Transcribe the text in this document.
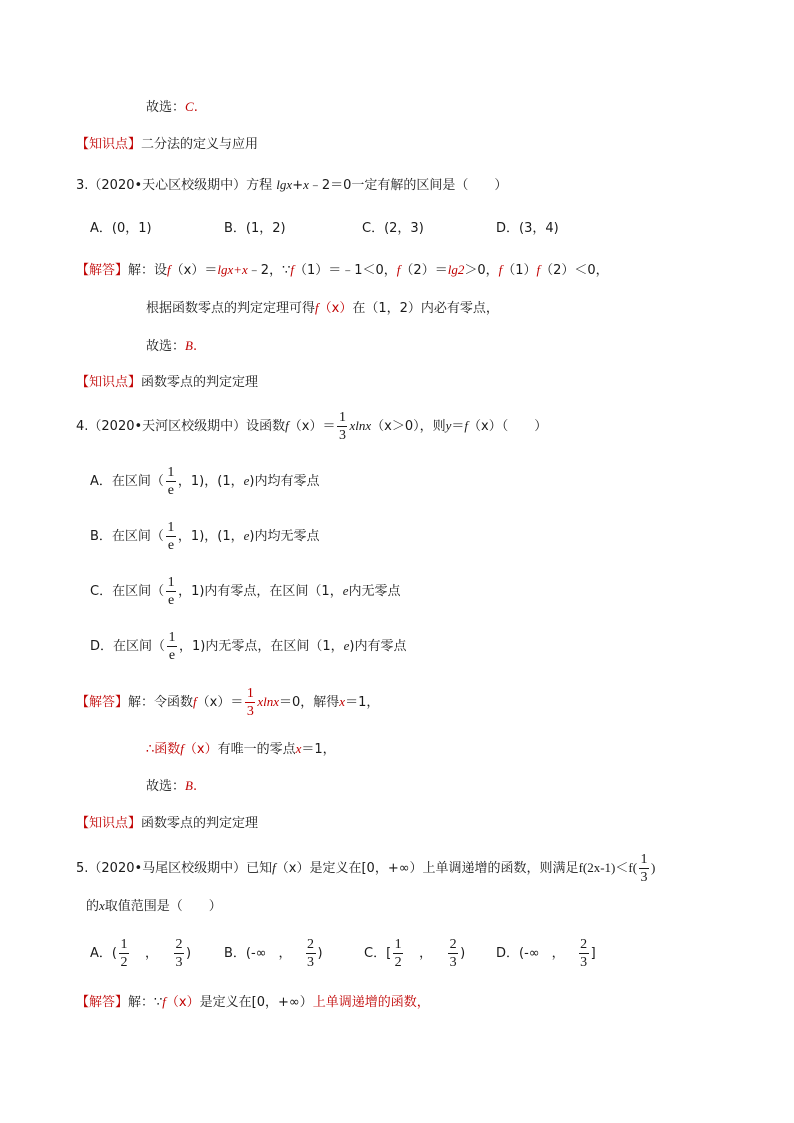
故选：C.
【知识点】二分法的定义与应用
3.（2020•天心区校级期中）方程 lgx+x﹣2＝0一定有解的区间是（　　）
A．(0，1)	B．(1，2)	C．(2，3)	D．(3，4)
【解答】解：设f（x）＝lgx+x﹣2，∵f（1）＝﹣1＜0，f（2）＝lg2＞0，f（1）f（2）＜0，
根据函数零点的判定定理可得f（x）在（1，2）内必有零点，
故选：B.
【知识点】函数零点的判定定理
4.（2020•天河区校级期中）设函数$f(x)= \frac{1}{3} xlnx(x>0)$，则y＝f（x）（　　）
A．在区间（ $\frac{1}{e}$ ，1)，(1，e)内均有零点
B．在区间（ $\frac{1}{e}$ ，1)，(1，e)内均无零点
C．在区间（ $\frac{1}{e}$ ，1)内有零点，在区间（1，e内无零点
D．在区间（ $\frac{1}{e}$ ，1)内无零点，在区间（1，e)内有零点
【解答】解：令函数$f(x)= \frac{1}{3} xlnx=0$，解得x＝1，
∴函数f（x）有唯一的零点x＝1，
故选：B.
【知识点】函数零点的判定定理
5.（2020•马尾区校级期中）已知f（x）是定义在[0，+∞）上单调递增的函数，则满足$f(2x-1)<f( \frac{1}{3}$ )
的x取值范围是（　　）
A．( $\frac{1}{2}$ ， $\frac{2}{3}$ )	B．(-∞ ， $\frac{2}{3}$ )	C．[ $\frac{1}{2}$ ， $\frac{2}{3}$ ) D．(-∞ ， $\frac{2}{3}$ ]
【解答】解：∵f（x）是定义在[0，+∞）上单调递增的函数，
